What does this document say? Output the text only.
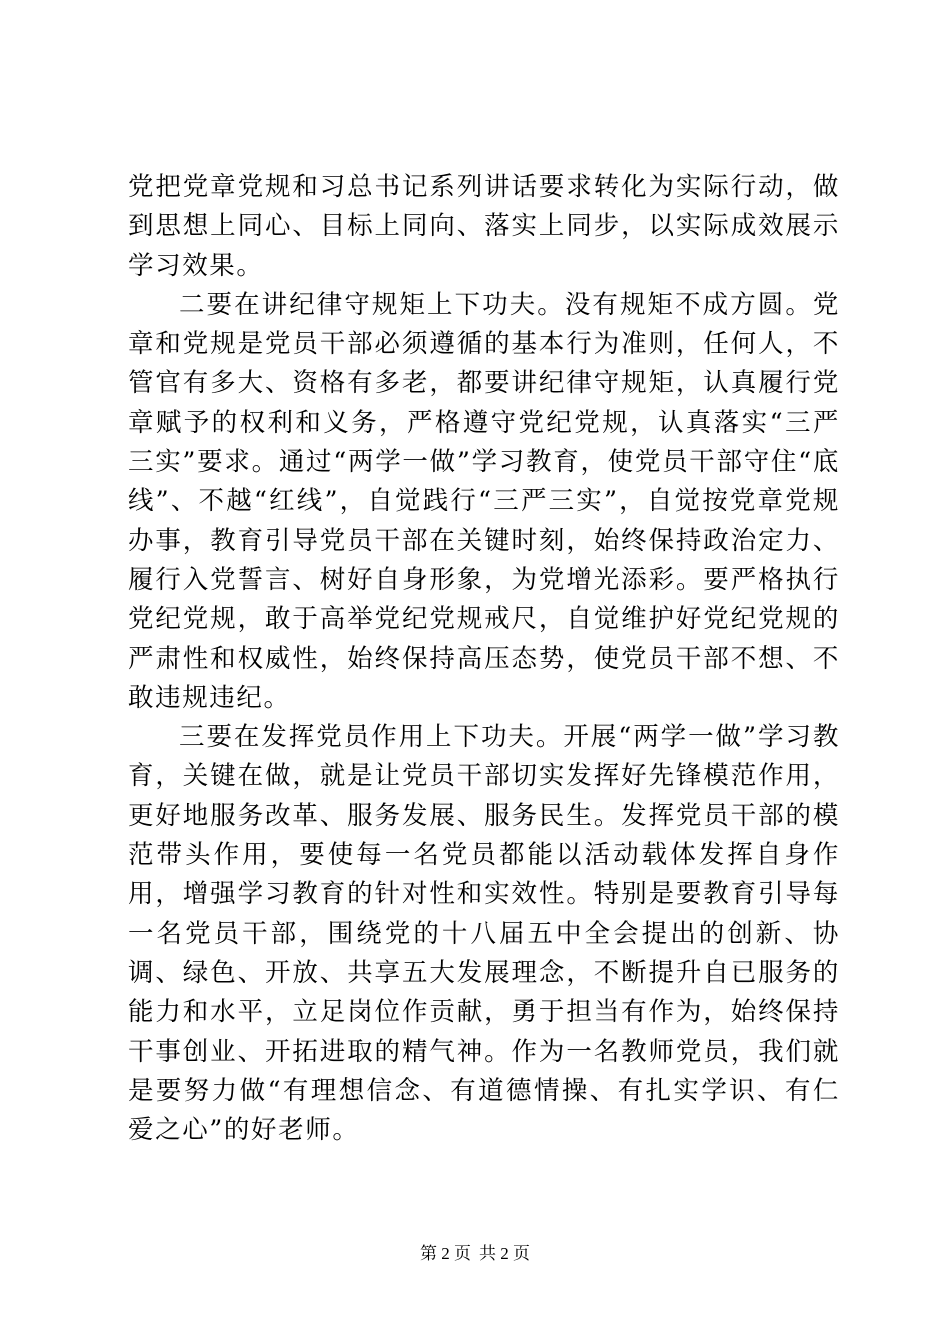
党把党章党规和习总书记系列讲话要求转化为实际行动，做到思想上同心、目标上同向、落实上同步，以实际成效展示学习效果。

二要在讲纪律守规矩上下功夫。没有规矩不成方圆。党章和党规是党员干部必须遵循的基本行为准则，任何人，不管官有多大、资格有多老，都要讲纪律守规矩，认真履行党章赋予的权利和义务，严格遵守党纪党规，认真落实“三严三实”要求。通过“两学一做”学习教育，使党员干部守住“底线”、不越“红线”，自觉践行“三严三实”，自觉按党章党规办事，教育引导党员干部在关键时刻，始终保持政治定力、履行入党誓言、树好自身形象，为党增光添彩。要严格执行党纪党规，敢于高举党纪党规戒尺，自觉维护好党纪党规的严肃性和权威性，始终保持高压态势，使党员干部不想、不敢违规违纪。

三要在发挥党员作用上下功夫。开展“两学一做”学习教育，关键在做，就是让党员干部切实发挥好先锋模范作用，更好地服务改革、服务发展、服务民生。发挥党员干部的模范带头作用，要使每一名党员都能以活动载体发挥自身作用，增强学习教育的针对性和实效性。特别是要教育引导每一名党员干部，围绕党的十八届五中全会提出的创新、协调、绿色、开放、共享五大发展理念，不断提升自已服务的能力和水平，立足岗位作贡献，勇于担当有作为，始终保持干事创业、开拓进取的精气神。作为一名教师党员，我们就是要努力做“有理想信念、有道德情操、有扎实学识、有仁爱之心”的好老师。

第 2 页 共 2 页
